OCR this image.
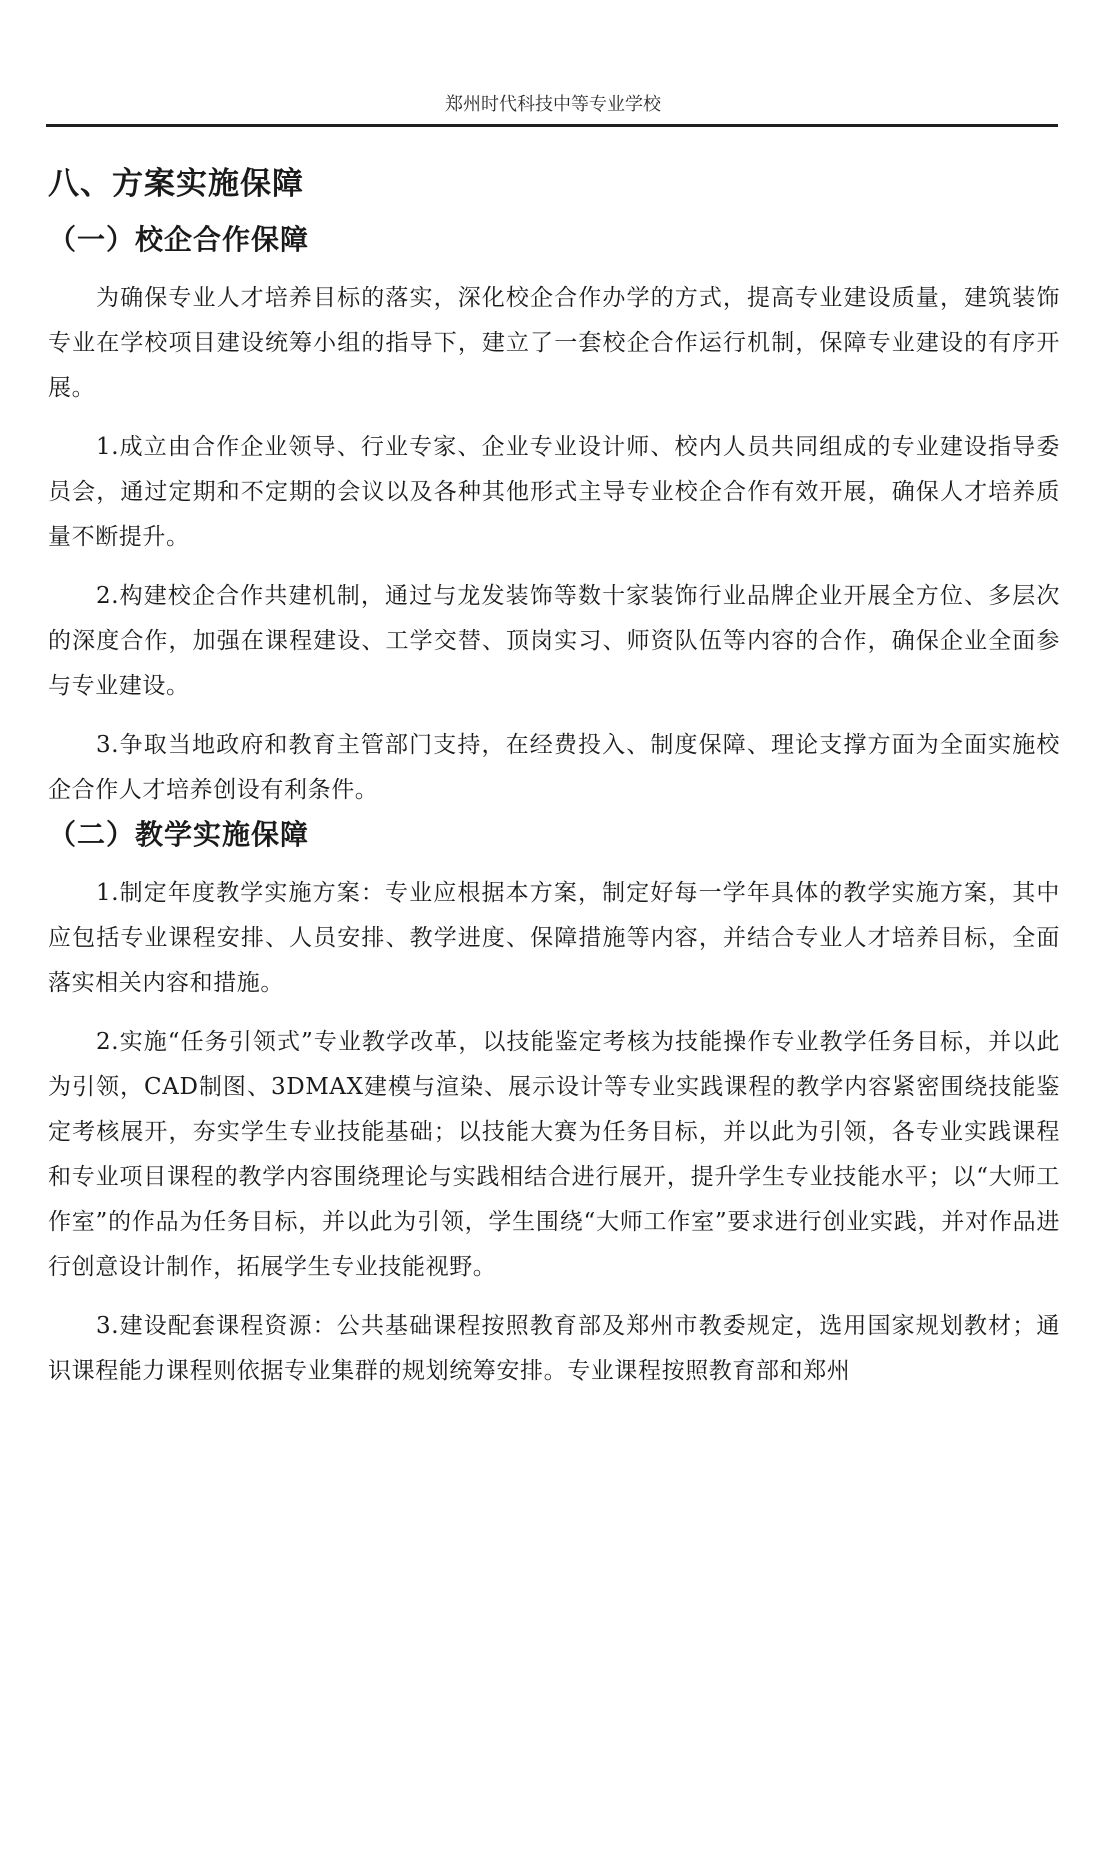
郑州时代科技中等专业学校
八、方案实施保障
（一）校企合作保障

为确保专业人才培养目标的落实，深化校企合作办学的方式，提高专业建设质量，建筑装饰专业在学校项目建设统筹小组的指导下，建立了一套校企合作运行机制，保障专业建设的有序开展。

1.成立由合作企业领导、行业专家、企业专业设计师、校内人员共同组成的专业建设指导委员会，通过定期和不定期的会议以及各种其他形式主导专业校企合作有效开展，确保人才培养质量不断提升。

2.构建校企合作共建机制，通过与龙发装饰等数十家装饰行业品牌企业开展全方位、多层次的深度合作，加强在课程建设、工学交替、顶岗实习、师资队伍等内容的合作，确保企业全面参与专业建设。

3.争取当地政府和教育主管部门支持，在经费投入、制度保障、理论支撑方面为全面实施校企合作人才培养创设有利条件。

（二）教学实施保障

1.制定年度教学实施方案：专业应根据本方案，制定好每一学年具体的教学实施方案，其中应包括专业课程安排、人员安排、教学进度、保障措施等内容，并结合专业人才培养目标，全面落实相关内容和措施。

2.实施“任务引领式”专业教学改革，以技能鉴定考核为技能操作专业教学任务目标，并以此为引领，CAD制图、3DMAX建模与渲染、展示设计等专业实践课程的教学内容紧密围绕技能鉴定考核展开，夯实学生专业技能基础；以技能大赛为任务目标，并以此为引领，各专业实践课程和专业项目课程的教学内容围绕理论与实践相结合进行展开，提升学生专业技能水平；以“大师工作室”的作品为任务目标，并以此为引领，学生围绕“大师工作室”要求进行创业实践，并对作品进行创意设计制作，拓展学生专业技能视野。

3.建设配套课程资源：公共基础课程按照教育部及郑州市教委规定，选用国家规划教材；通识课程能力课程则依据专业集群的规划统筹安排。专业课程按照教育部和郑州
